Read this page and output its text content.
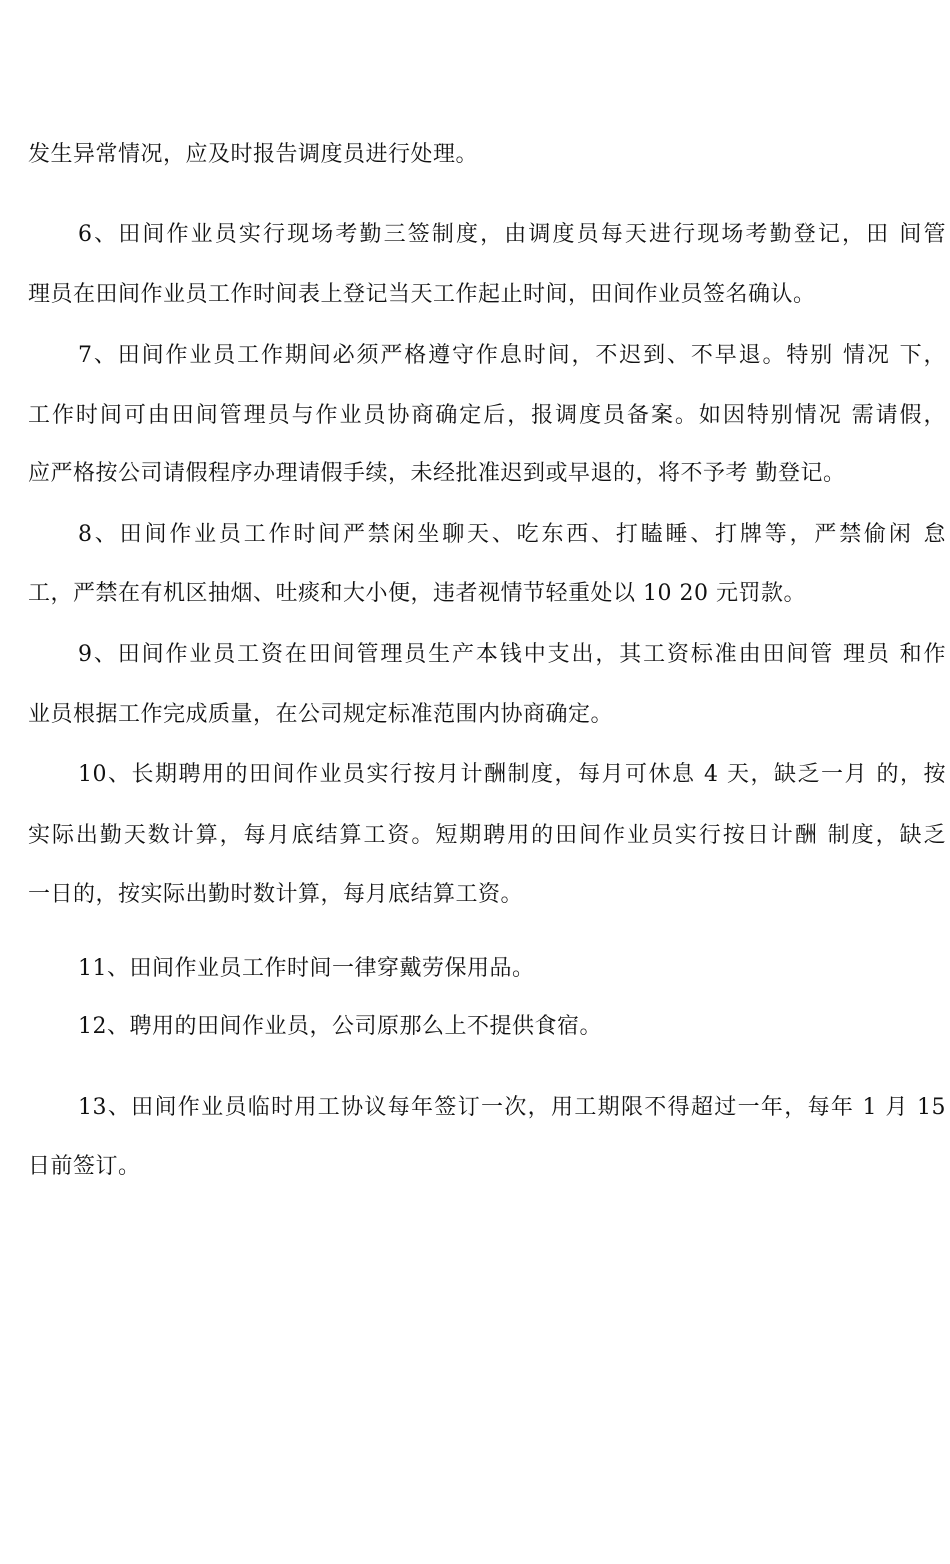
发生异常情况，应及时报告调度员进行处理。
6、田间作业员实行现场考勤三签制度，由调度员每天进行现场考勤登记，田 间管
理员在田间作业员工作时间表上登记当天工作起止时间，田间作业员签名确认。
7、田间作业员工作期间必须严格遵守作息时间，不迟到、不早退。特别 情况 下，
工作时间可由田间管理员与作业员协商确定后，报调度员备案。如因特别情况 需请假，
应严格按公司请假程序办理请假手续，未经批准迟到或早退的，将不予考 勤登记。
8、田间作业员工作时间严禁闲坐聊天、吃东西、打瞌睡、打牌等，严禁偷闲 怠
工，严禁在有机区抽烟、吐痰和大小便，违者视情节轻重处以 10 20 元罚款。
9、田间作业员工资在田间管理员生产本钱中支出，其工资标准由田间管 理员 和作
业员根据工作完成质量，在公司规定标准范围内协商确定。
10、长期聘用的田间作业员实行按月计酬制度，每月可休息 4 天，缺乏一月 的，按
实际出勤天数计算，每月底结算工资。短期聘用的田间作业员实行按日计酬 制度，缺乏
一日的，按实际出勤时数计算，每月底结算工资。
11、田间作业员工作时间一律穿戴劳保用品。
12、聘用的田间作业员，公司原那么上不提供食宿。
13、田间作业员临时用工协议每年签订一次，用工期限不得超过一年，每年 1 月 15
日前签订。
